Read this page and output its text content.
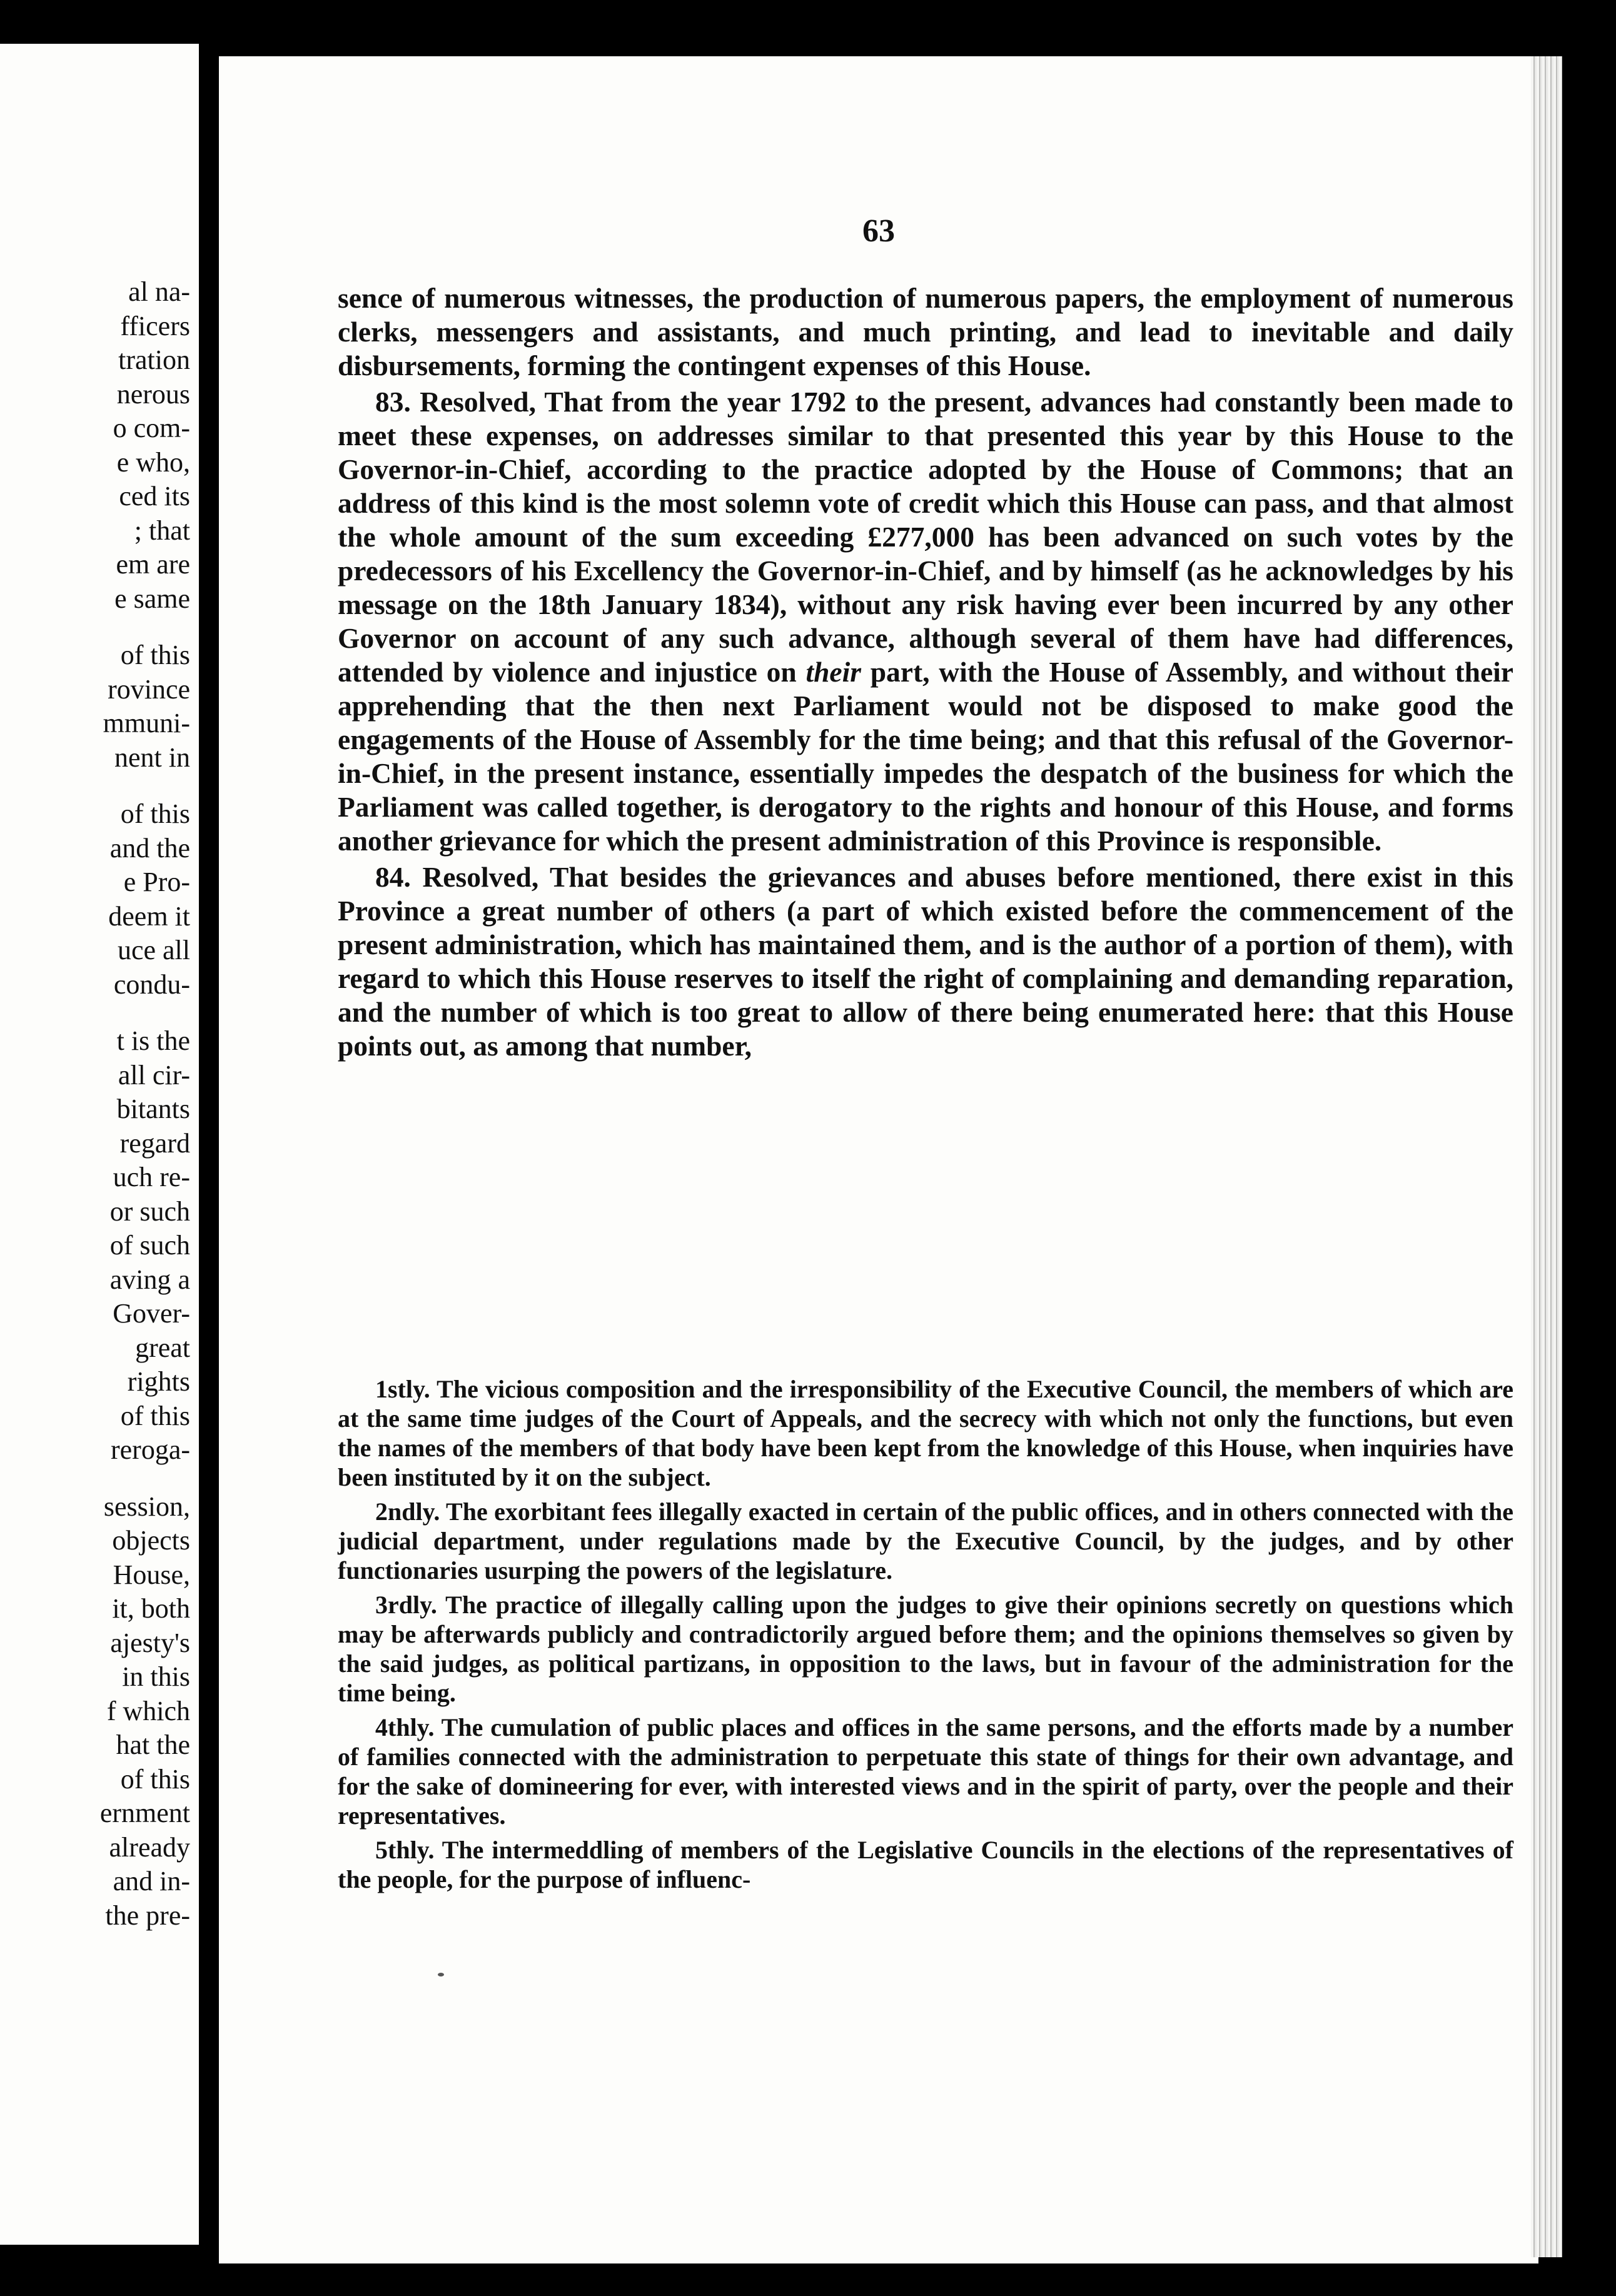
al na-
fficers
tration
nerous
o com-
e who,
ced its
; that
em are
e same
of this
rovince
mmuni-
nent in
of this
and the
e Pro-
deem it
uce all
condu-
t is the
all cir-
bitants
regard
uch re-
or such
of such
aving a
Gover-
great
rights
of this
reroga-
session,
objects
House,
it, both
ajesty's
in this
f which
hat the
of this
ernment
already
and in-
the pre-
63

sence of numerous witnesses, the production of numerous papers, the employment of numerous clerks, messengers and assistants, and much printing, and lead to inevitable and daily disbursements, forming the contingent expenses of this House.

83. Resolved, That from the year 1792 to the present, advances had constantly been made to meet these expenses, on addresses similar to that presented this year by this House to the Governor-in-Chief, according to the practice adopted by the House of Commons; that an address of this kind is the most solemn vote of credit which this House can pass, and that almost the whole amount of the sum exceeding £277,000 has been advanced on such votes by the predecessors of his Excellency the Governor-in-Chief, and by himself (as he acknowledges by his message on the 18th January 1834), without any risk having ever been incurred by any other Governor on account of any such advance, although several of them have had differences, attended by violence and injustice on their part, with the House of Assembly, and without their apprehending that the then next Parliament would not be disposed to make good the engagements of the House of Assembly for the time being; and that this refusal of the Governor-in-Chief, in the present instance, essentially impedes the despatch of the business for which the Parliament was called together, is derogatory to the rights and honour of this House, and forms another grievance for which the present administration of this Province is responsible.

84. Resolved, That besides the grievances and abuses before mentioned, there exist in this Province a great number of others (a part of which existed before the commencement of the present administration, which has maintained them, and is the author of a portion of them), with regard to which this House reserves to itself the right of complaining and demanding reparation, and the number of which is too great to allow of there being enumerated here: that this House points out, as among that number,

1stly. The vicious composition and the irresponsibility of the Executive Council, the members of which are at the same time judges of the Court of Appeals, and the secrecy with which not only the functions, but even the names of the members of that body have been kept from the knowledge of this House, when inquiries have been instituted by it on the subject.

2ndly. The exorbitant fees illegally exacted in certain of the public offices, and in others connected with the judicial department, under regulations made by the Executive Council, by the judges, and by other functionaries usurping the powers of the legislature.

3rdly. The practice of illegally calling upon the judges to give their opinions secretly on questions which may be afterwards publicly and contradictorily argued before them; and the opinions themselves so given by the said judges, as political partizans, in opposition to the laws, but in favour of the administration for the time being.

4thly. The cumulation of public places and offices in the same persons, and the efforts made by a number of families connected with the administration to perpetuate this state of things for their own advantage, and for the sake of domineering for ever, with interested views and in the spirit of party, over the people and their representatives.

5thly. The intermeddling of members of the Legislative Councils in the elections of the representatives of the people, for the purpose of influenc-
